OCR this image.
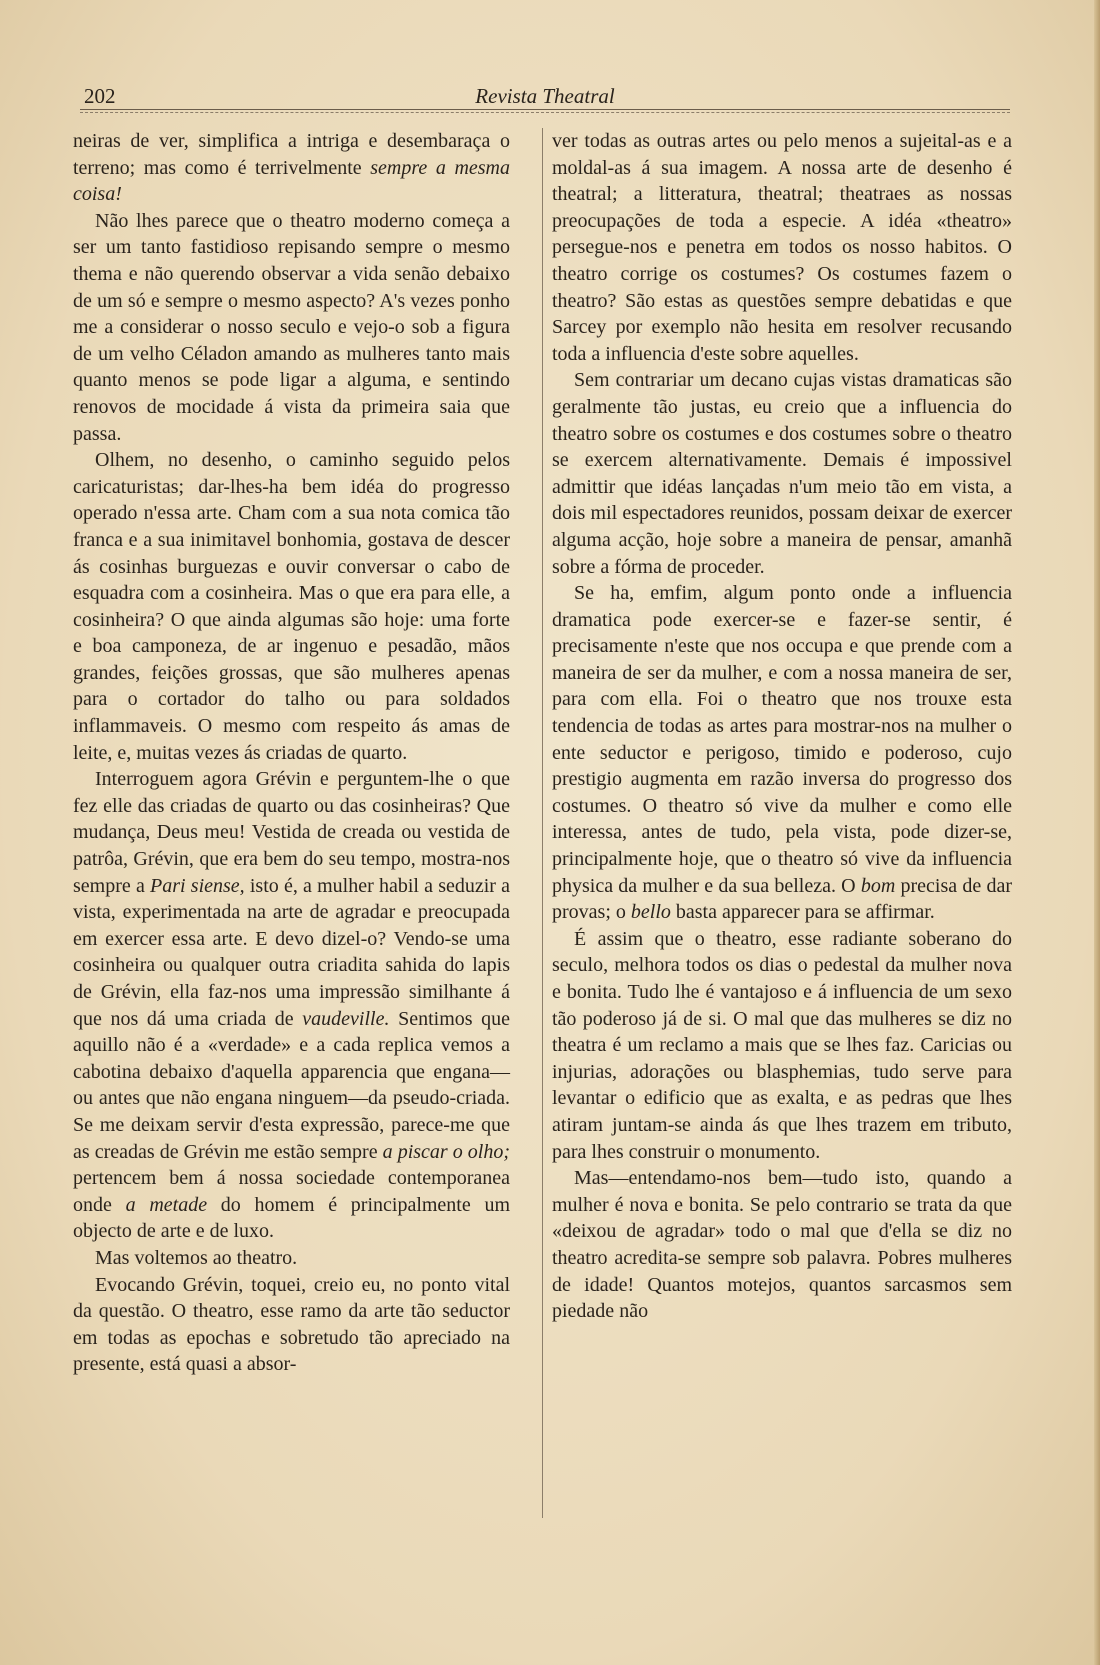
202	Revista Theatral

neiras de ver, simplifica a intriga e desembaraça o terreno; mas como é terrivelmente sempre a mesma coisa!

Não lhes parece que o theatro moderno começa a ser um tanto fastidioso repisando sempre o mesmo thema e não querendo observar a vida senão debaixo de um só e sempre o mesmo aspecto? A's vezes ponho me a considerar o nosso seculo e vejo-o sob a figura de um velho Céladon amando as mulheres tanto mais quanto menos se pode ligar a alguma, e sentindo renovos de mocidade á vista da primeira saia que passa.

Olhem, no desenho, o caminho seguido pelos caricaturistas; dar-lhes-ha bem idéa do progresso operado n'essa arte. Cham com a sua nota comica tão franca e a sua inimitavel bonhomia, gostava de descer ás cosinhas burguezas e ouvir conversar o cabo de esquadra com a cosinheira. Mas o que era para elle, a cosinheira? O que ainda algumas são hoje: uma forte e boa camponeza, de ar ingenuo e pesadão, mãos grandes, feições grossas, que são mulheres apenas para o cortador do talho ou para soldados inflammaveis. O mesmo com respeito ás amas de leite, e, muitas vezes ás criadas de quarto.

Interroguem agora Grévin e perguntem-lhe o que fez elle das criadas de quarto ou das cosinheiras? Que mudança, Deus meu! Vestida de creada ou vestida de patrôa, Grévin, que era bem do seu tempo, mostra-nos sempre a Pari siense, isto é, a mulher habil a seduzir a vista, experimentada na arte de agradar e preocupada em exercer essa arte. E devo dizel-o? Vendo-se uma cosinheira ou qualquer outra criadita sahida do lapis de Grévin, ella faz-nos uma impressão similhante á que nos dá uma criada de vaudeville. Sentimos que aquillo não é a «verdade» e a cada replica vemos a cabotina debaixo d'aquella apparencia que engana—ou antes que não engana ninguem—da pseudo-criada. Se me deixam servir d'esta expressão, parece-me que as creadas de Grévin me estão sempre a piscar o olho; pertencem bem á nossa sociedade contemporanea onde a metade do homem é principalmente um objecto de arte e de luxo.

Mas voltemos ao theatro.

Evocando Grévin, toquei, creio eu, no ponto vital da questão. O theatro, esse ramo da arte tão seductor em todas as epochas e sobretudo tão apreciado na presente, está quasi a absor-

ver todas as outras artes ou pelo menos a sujeital-as e a moldal-as á sua imagem. A nossa arte de desenho é theatral; a litteratura, theatral; theatraes as nossas preocupações de toda a especie. A idéa «theatro» persegue-nos e penetra em todos os nosso habitos. O theatro corrige os costumes? Os costumes fazem o theatro? São estas as questões sempre debatidas e que Sarcey por exemplo não hesita em resolver recusando toda a influencia d'este sobre aquelles.

Sem contrariar um decano cujas vistas dramaticas são geralmente tão justas, eu creio que a influencia do theatro sobre os costumes e dos costumes sobre o theatro se exercem alternativamente. Demais é impossivel admittir que idéas lançadas n'um meio tão em vista, a dois mil espectadores reunidos, possam deixar de exercer alguma acção, hoje sobre a maneira de pensar, amanhã sobre a fórma de proceder.

Se ha, emfim, algum ponto onde a influencia dramatica pode exercer-se e fazer-se sentir, é precisamente n'este que nos occupa e que prende com a maneira de ser da mulher, e com a nossa maneira de ser, para com ella. Foi o theatro que nos trouxe esta tendencia de todas as artes para mostrar-nos na mulher o ente seductor e perigoso, timido e poderoso, cujo prestigio augmenta em razão inversa do progresso dos costumes. O theatro só vive da mulher e como elle interessa, antes de tudo, pela vista, pode dizer-se, principalmente hoje, que o theatro só vive da influencia physica da mulher e da sua belleza. O bom precisa de dar provas; o bello basta apparecer para se affirmar.

É assim que o theatro, esse radiante soberano do seculo, melhora todos os dias o pedestal da mulher nova e bonita. Tudo lhe é vantajoso e á influencia de um sexo tão poderoso já de si. O mal que das mulheres se diz no theatra é um reclamo a mais que se lhes faz. Caricias ou injurias, adorações ou blasphemias, tudo serve para levantar o edificio que as exalta, e as pedras que lhes atiram juntam-se ainda ás que lhes trazem em tributo, para lhes construir o monumento.

Mas—entendamo-nos bem—tudo isto, quando a mulher é nova e bonita. Se pelo contrario se trata da que «deixou de agradar» todo o mal que d'ella se diz no theatro acredita-se sempre sob palavra. Pobres mulheres de idade! Quantos motejos, quantos sarcasmos sem piedade não
